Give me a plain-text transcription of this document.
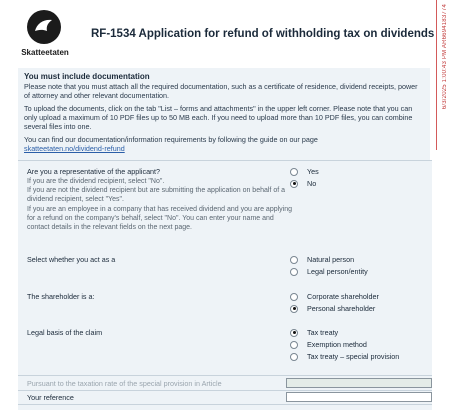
6/3/2025 1:00:43 PM AR6694183774
Skatteetaten
RF-1534 Application for refund of withholding tax on dividends
You must include documentation

Please note that you must attach all the required documentation, such as a certificate of residence, dividend receipts, power of attorney and other relevant documentation.

To upload the documents, click on the tab "List – forms and attachments" in the upper left corner. Please note that you can only upload a maximum of 10 PDF files up to 50 MB each. If you need to upload more than 10 PDF files, you can combine several files into one.

You can find our documentation/information requirements by following the guide on our page
skatteetaten.no/dividend-refund

Are you a representative of the applicant?
If you are the dividend recipient, select "No".
If you are not the dividend recipient but are submitting the application on behalf of a dividend recipient, select "Yes".
If you are an employee in a company that has received dividend and you are applying for a refund on the company's behalf, select "No". You can enter your name and contact details in the relevant fields on the next page.
Yes
No
Select whether you act as a	Natural person
Legal person/entity
The shareholder is a:	Corporate shareholder
Personal shareholder
Legal basis of the claim	Tax treaty
Exemption method
Tax treaty – special provision
Pursuant to the taxation rate of the special provision in Article
Your reference
